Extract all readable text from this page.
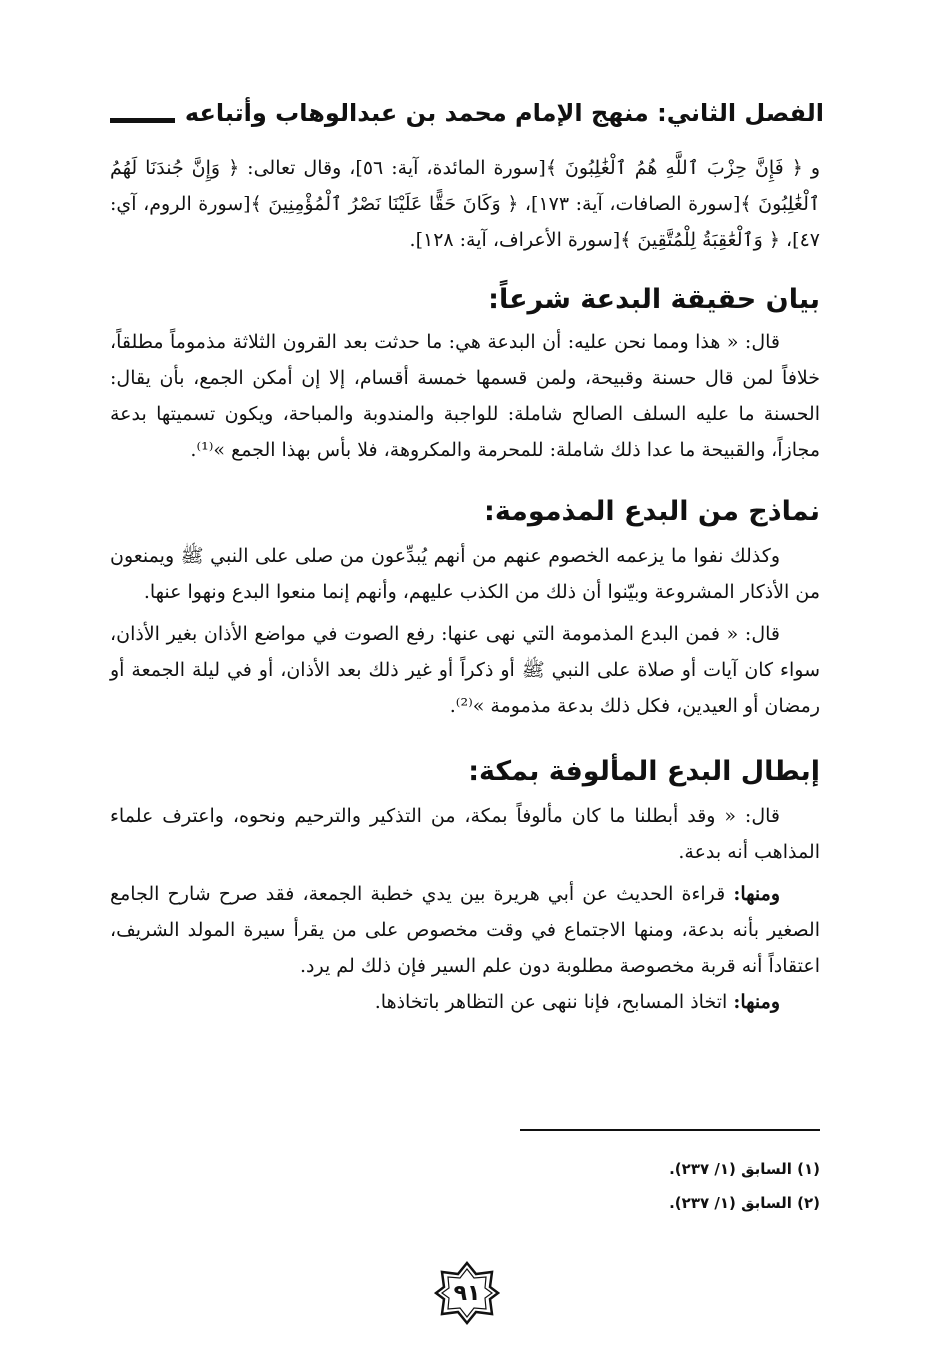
الفصل الثاني: منهج الإمام محمد بن عبدالوهاب وأتباعه

و ﴿ فَإِنَّ حِزْبَ ٱللَّهِ هُمُ ٱلْغَٰلِبُونَ ﴾[سورة المائدة، آية: ٥٦]، وقال تعالى: ﴿ وَإِنَّ جُندَنَا لَهُمُ ٱلْغَٰلِبُونَ ﴾[سورة الصافات، آية: ١٧٣]، ﴿ وَكَانَ حَقًّا عَلَيْنَا نَصْرُ ٱلْمُؤْمِنِينَ ﴾[سورة الروم، آي: ٤٧]، ﴿ وَٱلْعَٰقِبَةُ لِلْمُتَّقِينَ ﴾[سورة الأعراف، آية: ١٢٨].

بيان حقيقة البدعة شرعاً:

قال: « هذا ومما نحن عليه: أن البدعة هي: ما حدثت بعد القرون الثلاثة مذموماً مطلقاً، خلافاً لمن قال حسنة وقبيحة، ولمن قسمها خمسة أقسام، إلا إن أمكن الجمع، بأن يقال: الحسنة ما عليه السلف الصالح شاملة: للواجبة والمندوبة والمباحة، ويكون تسميتها بدعة مجازاً، والقبيحة ما عدا ذلك شاملة: للمحرمة والمكروهة، فلا بأس بهذا الجمع »⁽¹⁾.

نماذج من البدع المذمومة:

وكذلك نفوا ما يزعمه الخصوم عنهم من أنهم يُبدِّعون من صلى على النبي ﷺ ويمنعون من الأذكار المشروعة وبيّنوا أن ذلك من الكذب عليهم، وأنهم إنما منعوا البدع ونهوا عنها.

قال: « فمن البدع المذمومة التي نهى عنها: رفع الصوت في مواضع الأذان بغير الأذان، سواء كان آيات أو صلاة على النبي ﷺ أو ذكراً أو غير ذلك بعد الأذان، أو في ليلة الجمعة أو رمضان أو العيدين، فكل ذلك بدعة مذمومة »⁽²⁾.

إبطال البدع المألوفة بمكة:

قال: « وقد أبطلنا ما كان مألوفاً بمكة، من التذكير والترحيم ونحوه، واعترف علماء المذاهب أنه بدعة.

ومنها: قراءة الحديث عن أبي هريرة بين يدي خطبة الجمعة، فقد صرح شارح الجامع الصغير بأنه بدعة، ومنها الاجتماع في وقت مخصوص على من يقرأ سيرة المولد الشريف، اعتقاداً أنه قربة مخصوصة مطلوبة دون علم السير فإن ذلك لم يرد.

ومنها: اتخاذ المسابح، فإنا ننهى عن التظاهر باتخاذها.

(١) السابق (١/ ٢٣٧).
(٢) السابق (١/ ٢٣٧).
٩١
